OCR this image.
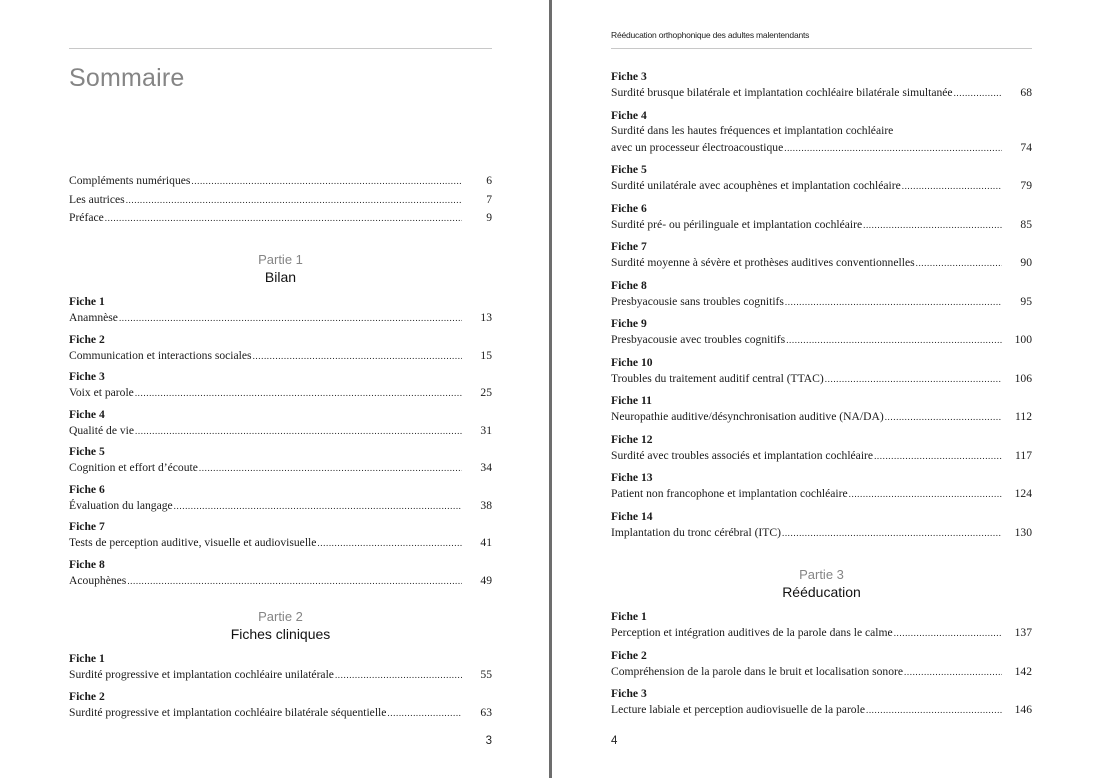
Sommaire
Compléments numériques .....	6
Les autrices .....	7
Préface .....	9
Partie 1
Bilan
Fiche 1
Anamnèse .....	13
Fiche 2
Communication et interactions sociales .....	15
Fiche 3
Voix et parole .....	25
Fiche 4
Qualité de vie .....	31
Fiche 5
Cognition et effort d’écoute .....	34
Fiche 6
Évaluation du langage .....	38
Fiche 7
Tests de perception auditive, visuelle et audiovisuelle .....	41
Fiche 8
Acouphènes .....	49
Partie 2
Fiches cliniques
Fiche 1
Surdité progressive et implantation cochléaire unilatérale .....	55
Fiche 2
Surdité progressive et implantation cochléaire bilatérale séquentielle .....	63
3
Rééducation orthophonique des adultes malentendants
Fiche 3
Surdité brusque bilatérale et implantation cochléaire bilatérale simultanée .....	68
Fiche 4
Surdité dans les hautes fréquences et implantation cochléaire
avec un processeur électroacoustique .....	74
Fiche 5
Surdité unilatérale avec acouphènes et implantation cochléaire .....	79
Fiche 6
Surdité pré- ou périlinguale et implantation cochléaire .....	85
Fiche 7
Surdité moyenne à sévère et prothèses auditives conventionnelles .....	90
Fiche 8
Presbyacousie sans troubles cognitifs .....	95
Fiche 9
Presbyacousie avec troubles cognitifs .....	100
Fiche 10
Troubles du traitement auditif central (TTAC) .....	106
Fiche 11
Neuropathie auditive/désynchronisation auditive (NA/DA) .....	112
Fiche 12
Surdité avec troubles associés et implantation cochléaire .....	117
Fiche 13
Patient non francophone et implantation cochléaire .....	124
Fiche 14
Implantation du tronc cérébral (ITC) .....	130
Partie 3
Rééducation
Fiche 1
Perception et intégration auditives de la parole dans le calme .....	137
Fiche 2
Compréhension de la parole dans le bruit et localisation sonore .....	142
Fiche 3
Lecture labiale et perception audiovisuelle de la parole .....	146
4
